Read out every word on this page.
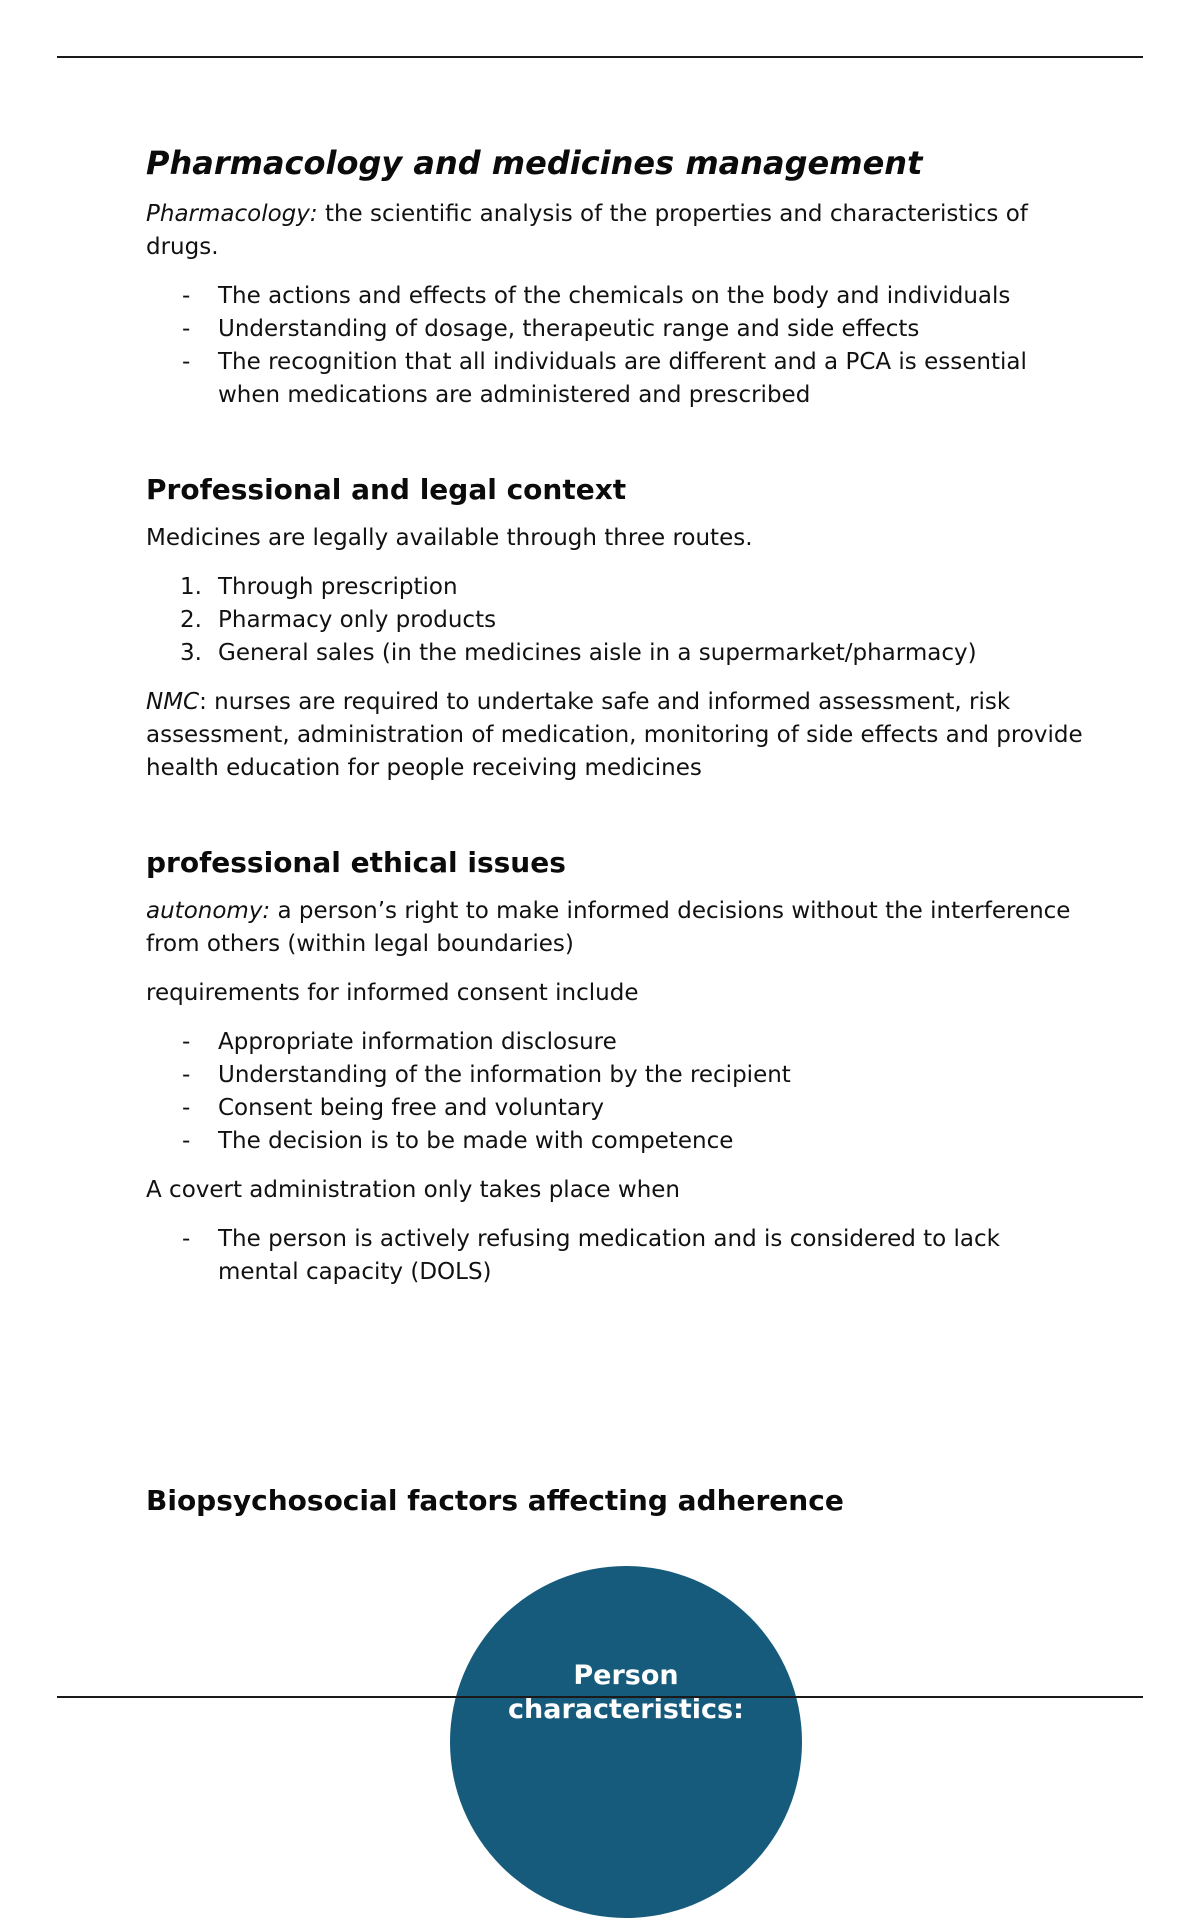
Pharmacology and medicines management

Pharmacology: the scientific analysis of the properties and characteristics of drugs.

- The actions and effects of the chemicals on the body and individuals
- Understanding of dosage, therapeutic range and side effects
- The recognition that all individuals are different and a PCA is essential when medications are administered and prescribed
Professional and legal context

Medicines are legally available through three routes.

1. Through prescription
2. Pharmacy only products
3. General sales (in the medicines aisle in a supermarket/pharmacy)

NMC: nurses are required to undertake safe and informed assessment, risk assessment, administration of medication, monitoring of side effects and provide health education for people receiving medicines

professional ethical issues

autonomy: a person’s right to make informed decisions without the interference from others (within legal boundaries)

requirements for informed consent include

- Appropriate information disclosure
- Understanding of the information by the recipient
- Consent being free and voluntary
- The decision is to be made with competence

A covert administration only takes place when

- The person is actively refusing medication and is considered to lack mental capacity (DOLS)
Biopsychosocial factors affecting adherence
Person
characteristics:
